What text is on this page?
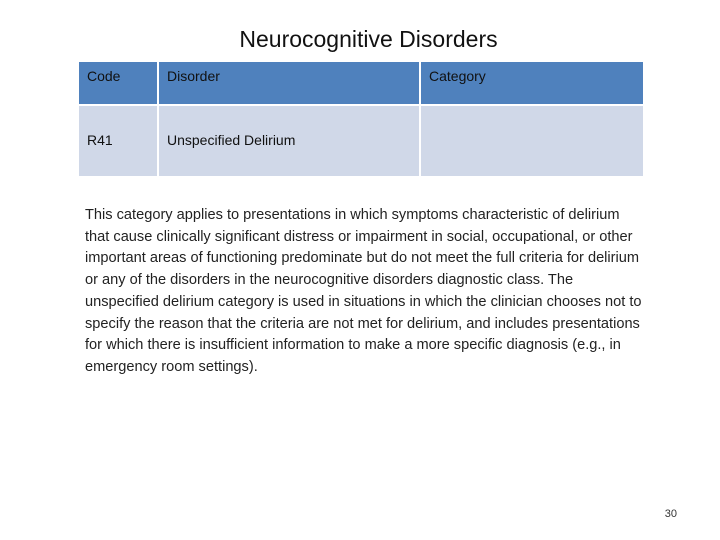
Neurocognitive Disorders
Code	Disorder	Category
R41	Unspecified Delirium	

This category applies to presentations in which symptoms characteristic of delirium that cause clinically significant distress or impairment in social, occupational, or other important areas of functioning predominate but do not meet the full criteria for delirium or any of the disorders in the neurocognitive disorders diagnostic class. The unspecified delirium category is used in situations in which the clinician chooses not to specify the reason that the criteria are not met for delirium, and includes presentations for which there is insufficient information to make a more specific diagnosis (e.g., in emergency room settings).

30
